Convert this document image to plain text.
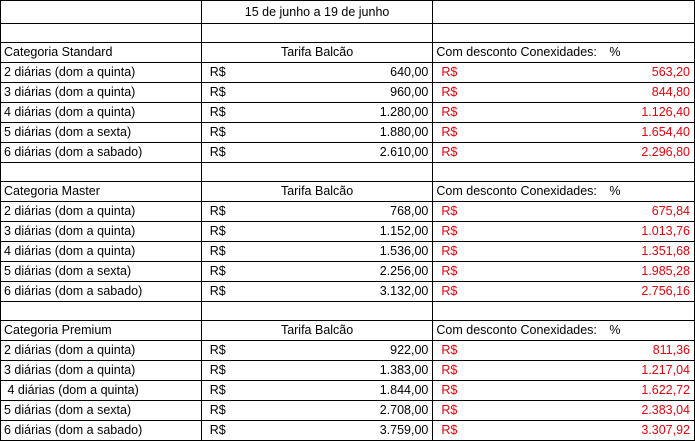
	15 de junho a 19 de junho	

Categoria Standard	Tarifa Balcão	Com desconto Conexidades: %

2 diárias (dom a quinta)	R$ 640,00	R$ 563,20

3 diárias (dom a quinta)	R$ 960,00	R$ 844,80

4 diárias (dom a quinta)	R$ 1.280,00	R$ 1.126,40

5 diárias (dom a sexta)	R$ 1.880,00	R$ 1.654,40

6 diárias (dom a sabado)	R$ 2.610,00	R$ 2.296,80

Categoria Master	Tarifa Balcão	Com desconto Conexidades: %

2 diárias (dom a quinta)	R$ 768,00	R$ 675,84

3 diárias (dom a quinta)	R$ 1.152,00	R$ 1.013,76

4 diárias (dom a quinta)	R$ 1.536,00	R$ 1.351,68

5 diárias (dom a sexta)	R$ 2.256,00	R$ 1.985,28

6 diárias (dom a sabado)	R$ 3.132,00	R$ 2.756,16

Categoria Premium	Tarifa Balcão	Com desconto Conexidades: %

2 diárias (dom a quinta)	R$ 922,00	R$ 811,36

3 diárias (dom a quinta)	R$ 1.383,00	R$ 1.217,04

4 diárias (dom a quinta)	R$ 1.844,00	R$ 1.622,72

5 diárias (dom a sexta)	R$ 2.708,00	R$ 2.383,04

6 diárias (dom a sabado)	R$ 3.759,00	R$ 3.307,92
